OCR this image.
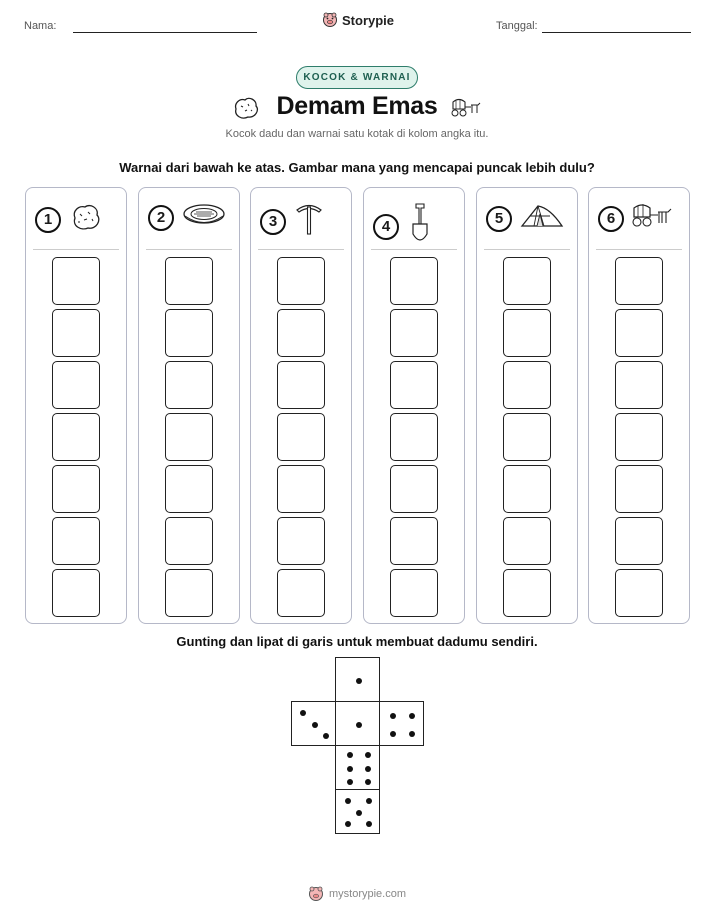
Nama:	Storypie	Tanggal:
KOCOK & WARNAI
Demam Emas
Kocok dadu dan warnai satu kotak di kolom angka itu.
Warnai dari bawah ke atas. Gambar mana yang mencapai puncak lebih dulu?
1	2	3	4	5	6
Gunting dan lipat di garis untuk membuat dadumu sendiri.
mystorypie.com
